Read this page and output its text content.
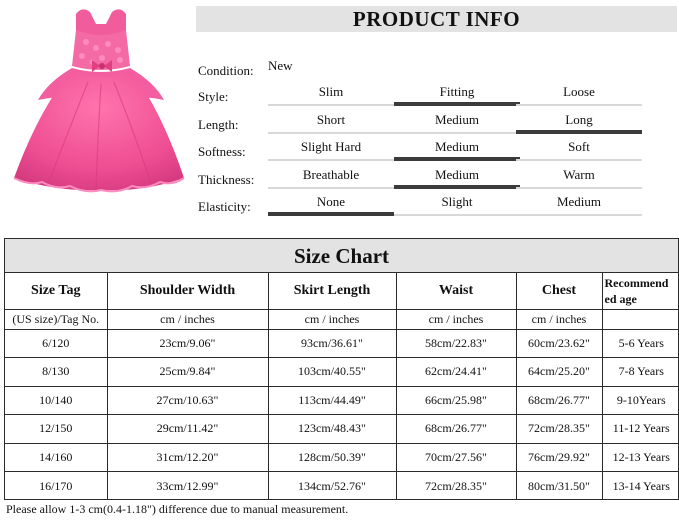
PRODUCT INFO
Condition: New
Style:	Slim	Fitting	Loose
Length:	Short	Medium	Long
Softness:	Slight Hard	Medium	Soft
Thickness:	Breathable	Medium	Warm
Elasticity:	None	Slight	Medium
Size Chart
Size Tag	Shoulder Width	Skirt Length	Waist	Chest	Recommend ed age
(US size)/Tag No.	cm / inches	cm / inches	cm / inches	cm / inches	
6/120	23cm/9.06"	93cm/36.61"	58cm/22.83"	60cm/23.62"	5-6 Years
8/130	25cm/9.84"	103cm/40.55"	62cm/24.41"	64cm/25.20"	7-8 Years
10/140	27cm/10.63"	113cm/44.49"	66cm/25.98"	68cm/26.77"	9-10Years
12/150	29cm/11.42"	123cm/48.43"	68cm/26.77"	72cm/28.35"	11-12 Years
14/160	31cm/12.20"	128cm/50.39"	70cm/27.56"	76cm/29.92"	12-13 Years
16/170	33cm/12.99"	134cm/52.76"	72cm/28.35"	80cm/31.50"	13-14 Years
Please allow 1-3 cm(0.4-1.18") difference due to manual measurement.
